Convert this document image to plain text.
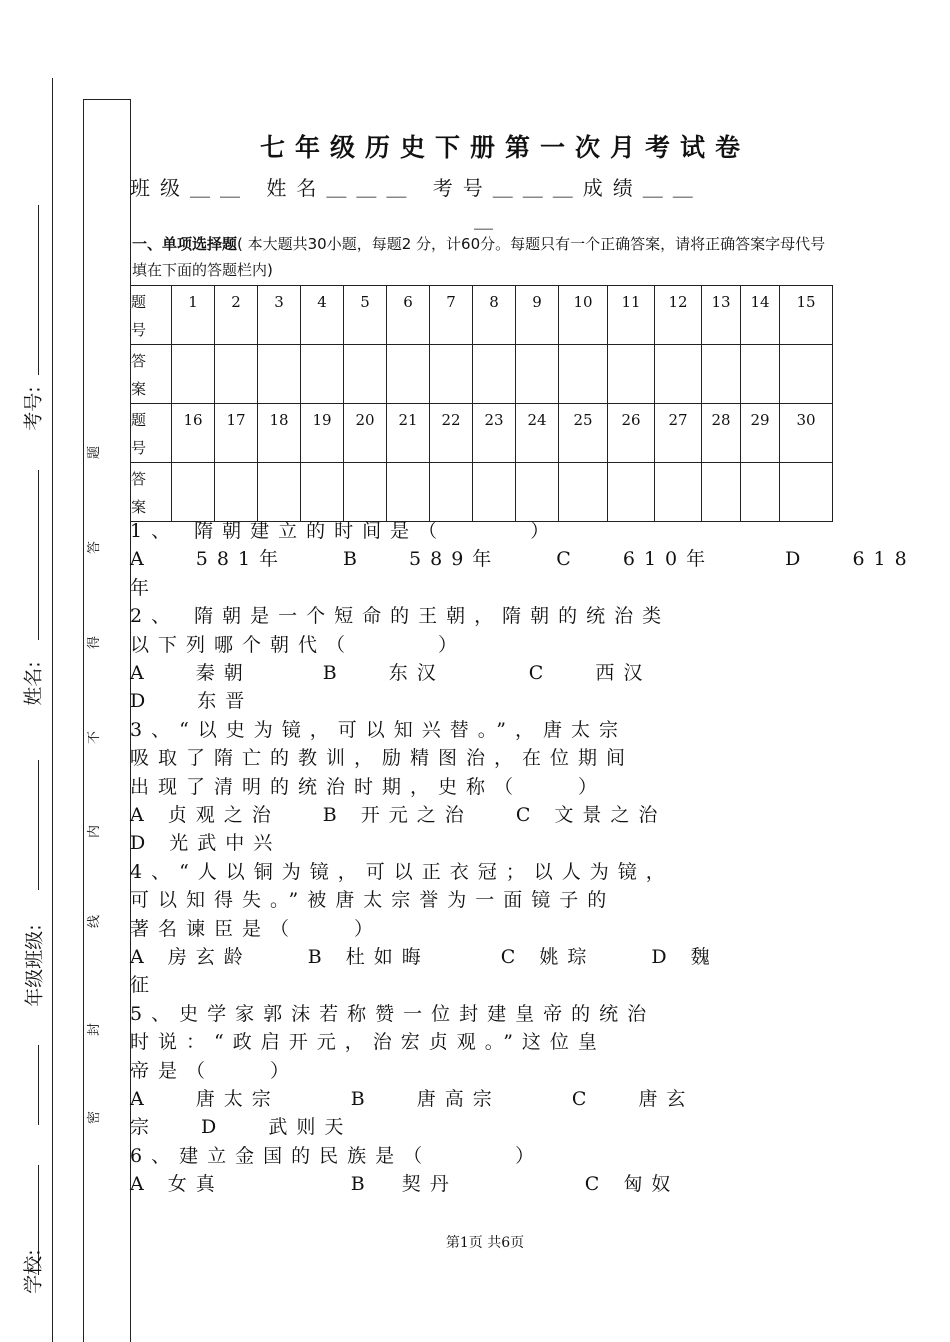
学校:
年级班级:
姓名:
考号:
密
封
线
内
不
得
答
题
七年级历史下册第一次月考试卷
班级＿＿ 姓名＿＿＿ 考号＿＿＿成绩＿＿
＿
一、单项选择题( 本大题共30小题，每题2 分，计60分。每题只有一个正确答案，请将正确答案字母代号填在下面的答题栏内)
题号	1	2	3	4	5	6	7	8	9	10	11	12	13	14	15

答案															

题号	16	17	18	19	20	21	22	23	24	25	26	27	28	29	30

答案															

1、 隋朝建立的时间是（　　　）
A　 581年　　B　 589年　　C　 610年　　 D　 618
年
2、 隋朝是一个短命的王朝，隋朝的统治类
以下列哪个朝代（　　　）
A　 秦朝　　 B　 东汉　　　C　 西汉
D　 东晋
3、“以史为镜，可以知兴替。”，唐太宗
吸取了隋亡的教训，励精图治，在位期间
出现了清明的统治时期，史称（　　）
A 贞观之治　 B 开元之治　 C 文景之治
D 光武中兴
4、“人以铜为镜，可以正衣冠；以人为镜，
可以知得失。”被唐太宗誉为一面镜子的
著名谏臣是（　　）
A 房玄龄　　B 杜如晦　　 C 姚琮　　D 魏
征
5、史学家郭沫若称赞一位封建皇帝的统治
时说：“政启开元，治宏贞观。”这位皇
帝是（　　）
A　 唐太宗　　 B　 唐高宗　　 C　 唐玄
宗　 D　 武则天
6、建立金国的民族是（　　　）
A 女真　　　　 B　契丹　　　　 C 匈奴
第1页 共6页
